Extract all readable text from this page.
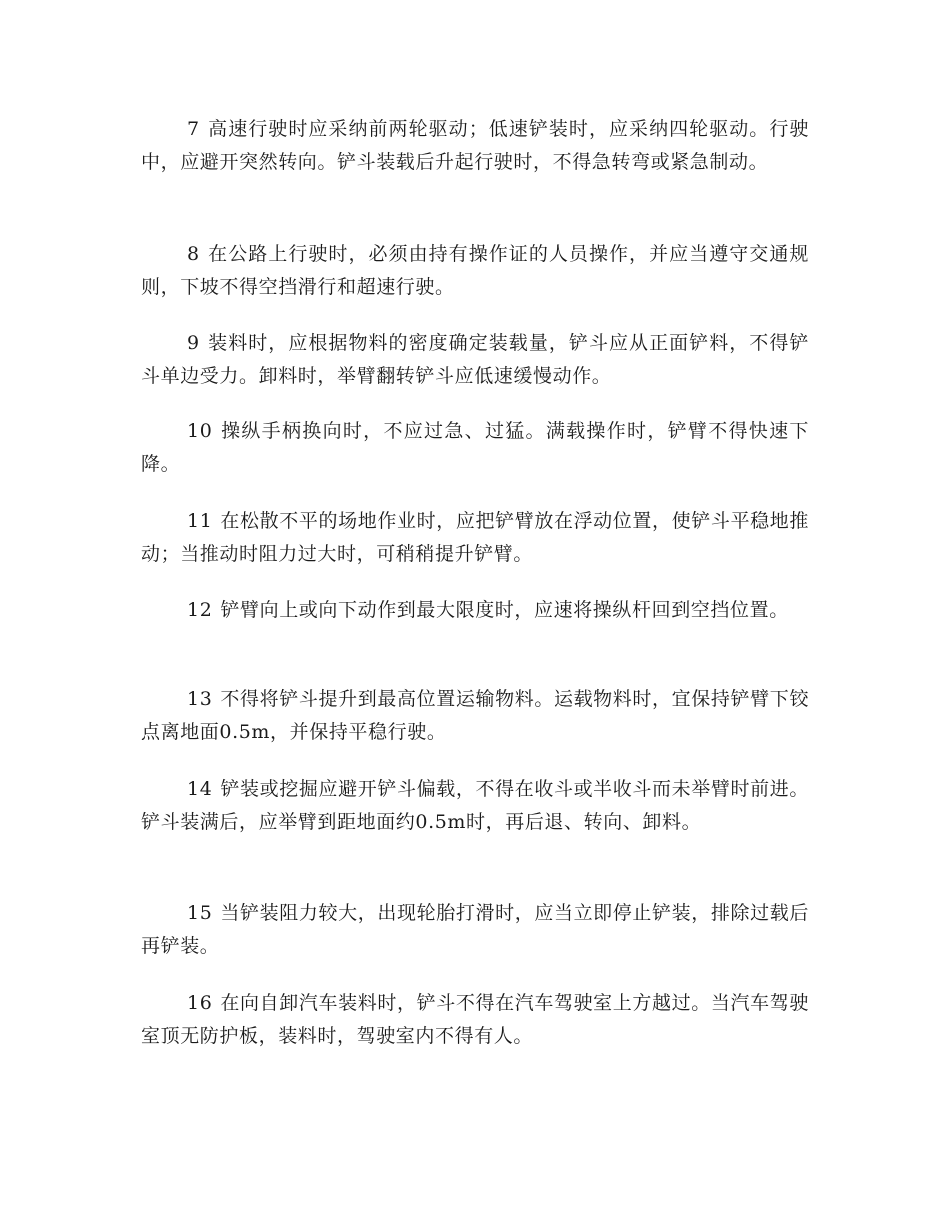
7 高速行驶时应采纳前两轮驱动；低速铲装时，应采纳四轮驱动。行驶中，应避开突然转向。铲斗装载后升起行驶时，不得急转弯或紧急制动。

8 在公路上行驶时，必须由持有操作证的人员操作，并应当遵守交通规则，下坡不得空挡滑行和超速行驶。

9 装料时，应根据物料的密度确定装载量，铲斗应从正面铲料，不得铲斗单边受力。卸料时，举臂翻转铲斗应低速缓慢动作。

10 操纵手柄换向时，不应过急、过猛。满载操作时，铲臂不得快速下降。

11 在松散不平的场地作业时，应把铲臂放在浮动位置，使铲斗平稳地推动；当推动时阻力过大时，可稍稍提升铲臂。

12 铲臂向上或向下动作到最大限度时，应速将操纵杆回到空挡位置。

13 不得将铲斗提升到最高位置运输物料。运载物料时，宜保持铲臂下铰点离地面0.5m，并保持平稳行驶。

14 铲装或挖掘应避开铲斗偏载，不得在收斗或半收斗而未举臂时前进。铲斗装满后，应举臂到距地面约0.5m时，再后退、转向、卸料。

15 当铲装阻力较大，出现轮胎打滑时，应当立即停止铲装，排除过载后再铲装。

16 在向自卸汽车装料时，铲斗不得在汽车驾驶室上方越过。当汽车驾驶室顶无防护板，装料时，驾驶室内不得有人。
